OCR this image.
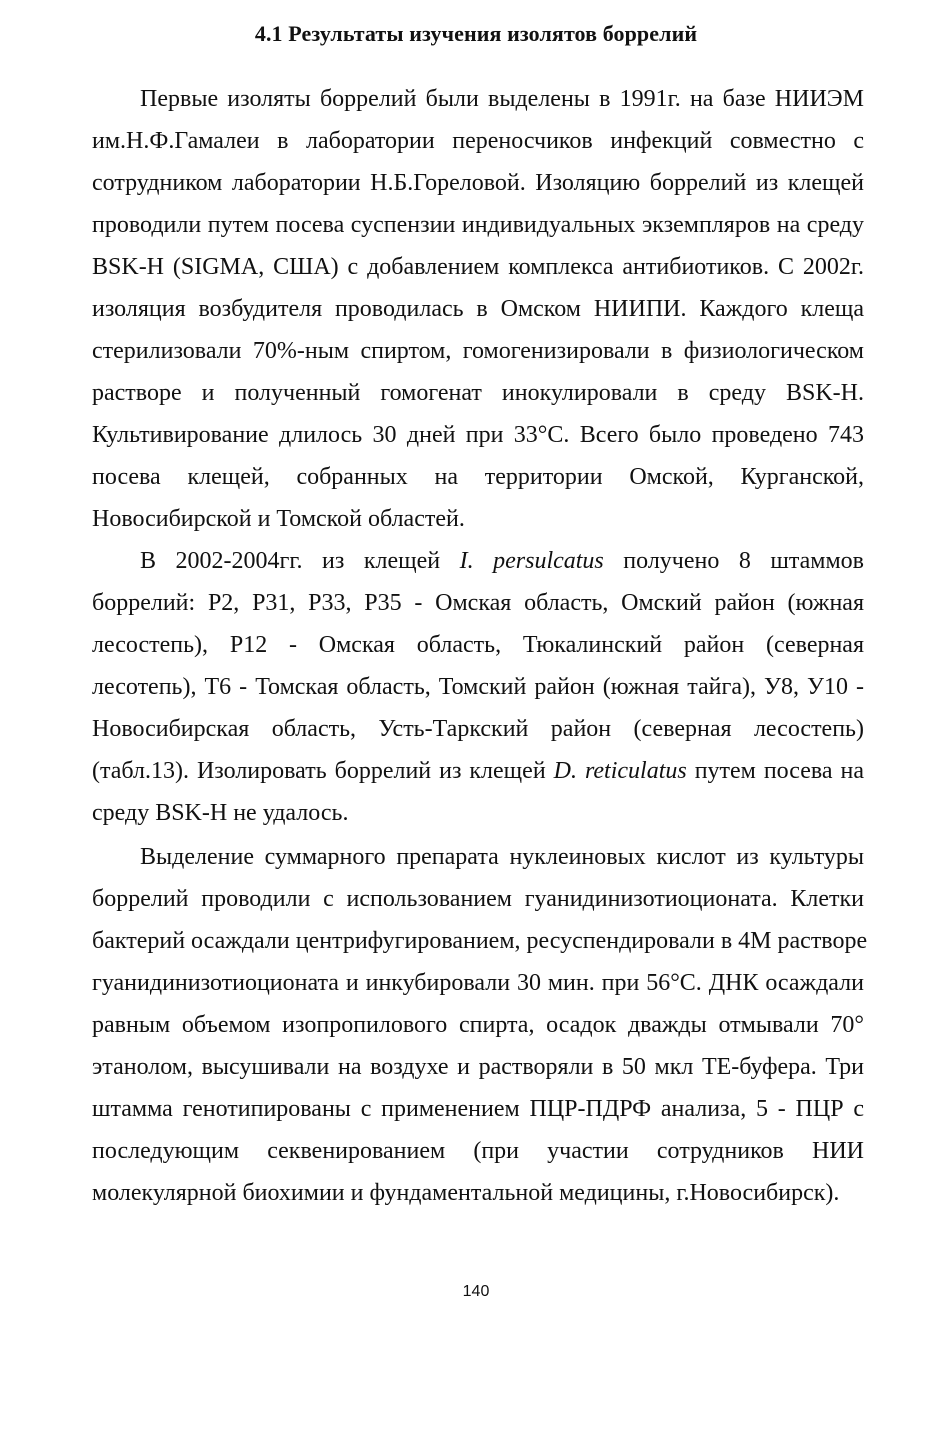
4.1 Результаты изучения изолятов боррелий
Первые изоляты боррелий были выделены в 1991г. на базе НИИЭМ
им.Н.Ф.Гамалеи в лаборатории переносчиков инфекций совместно с
сотрудником лаборатории Н.Б.Гореловой. Изоляцию боррелий из клещей
проводили путем посева суспензии индивидуальных экземпляров на среду
BSK-H (SIGMA, США) с добавлением комплекса антибиотиков. С 2002г.
изоляция возбудителя проводилась в Омском НИИПИ. Каждого клеща
стерилизовали 70%-ным спиртом, гомогенизировали в физиологическом
растворе и полученный гомогенат инокулировали в среду BSK-H.
Культивирование длилось 30 дней при 33°С. Всего было проведено 743
посева клещей, собранных на территории Омской, Курганской,
Новосибирской и Томской областей.
В 2002-2004гг. из клещей I. persulcatus получено 8 штаммов
боррелий: Р2, Р31, Р33, Р35 - Омская область, Омский район (южная
лесостепь), Р12 - Омская область, Тюкалинский район (северная
лесотепь), Т6 - Томская область, Томский район (южная тайга), У8, У10 -
Новосибирская область, Усть-Таркский район (северная лесостепь)
(табл.13). Изолировать боррелий из клещей D. reticulatus путем посева на
среду BSK-H не удалось.
Выделение суммарного препарата нуклеиновых кислот из культуры
боррелий проводили с использованием гуанидинизотиоционата. Клетки
бактерий осаждали центрифугированием, ресуспендировали в 4М растворе
гуанидинизотиоционата и инкубировали 30 мин. при 56°С. ДНК осаждали
равным объемом изопропилового спирта, осадок дважды отмывали 70°
этанолом, высушивали на воздухе и растворяли в 50 мкл ТЕ-буфера. Три
штамма генотипированы с применением ПЦР-ПДРФ анализа, 5 - ПЦР с
последующим секвенированием (при участии сотрудников НИИ
молекулярной биохимии и фундаментальной медицины, г.Новосибирск).
140
